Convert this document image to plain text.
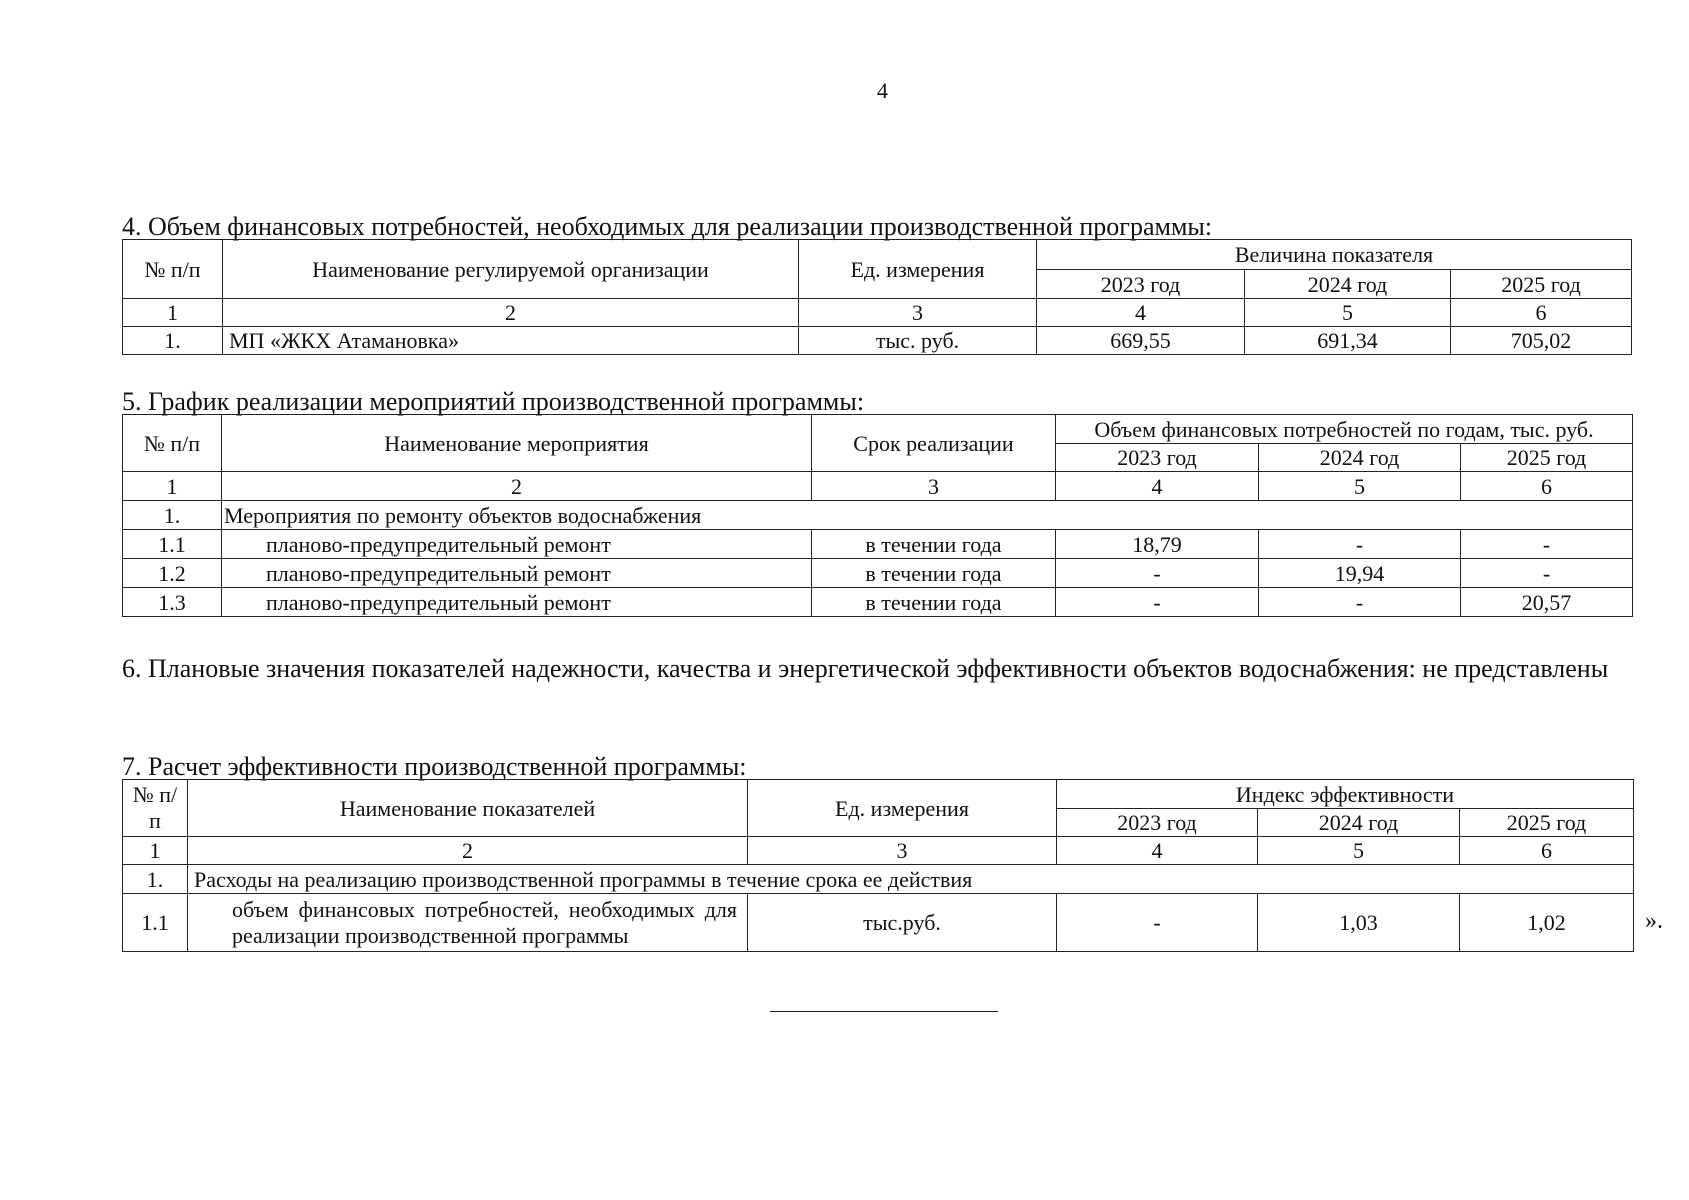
4
4. Объем финансовых потребностей, необходимых для реализации производственной программы:
№ п/п	Наименование регулируемой организации	Ед. измерения	Величина показателя		
			2023 год	2024 год	2025 год
1	2	3	4	5	6
1.	МП «ЖКХ Атамановка»	тыс. руб.	669,55	691,34	705,02
5. График реализации мероприятий производственной программы:
№ п/п	Наименование мероприятия	Срок реализации	Объем финансовых потребностей по годам, тыс. руб.		
			2023 год	2024 год	2025 год
1	2	3	4	5	6
1.	Мероприятия по ремонту объектов водоснабжения				
1.1	планово-предупредительный ремонт	в течении года	18,79	-	-
1.2	планово-предупредительный ремонт	в течении года	-	19,94	-
1.3	планово-предупредительный ремонт	в течении года	-	-	20,57
6. Плановые значения показателей надежности, качества и энергетической эффективности объектов водоснабжения: не представлены
7. Расчет эффективности производственной программы:
№ п/п	Наименование показателей	Ед. измерения	Индекс эффективности		
			2023 год	2024 год	2025 год
1	2	3	4	5	6
1.	Расходы на реализацию производственной программы в течение срока ее действия				
1.1	объем финансовых потребностей, необходимых для реализации производственной программы	тыс.руб.	-	1,03	1,02	».
